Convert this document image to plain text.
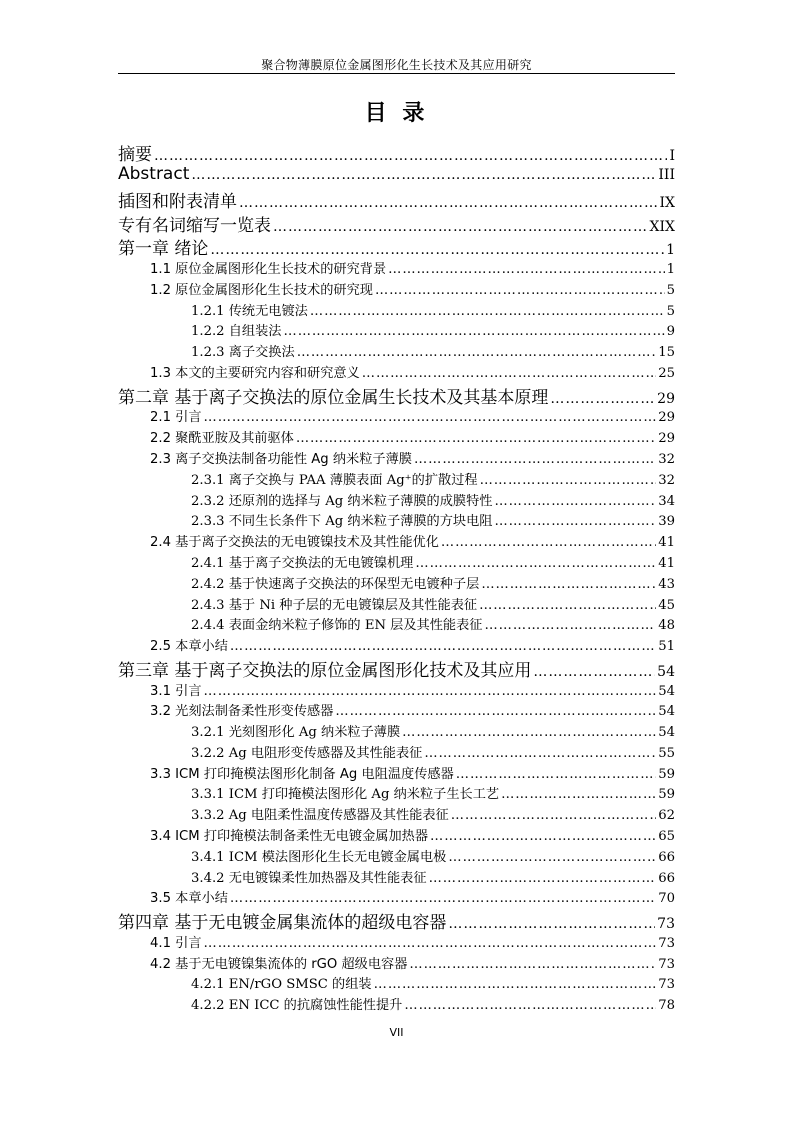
聚合物薄膜原位金属图形化生长技术及其应用研究
目 录
摘要 ……………………………………………………………………………………………………………………………………………………………………………	I
Abstract ……………………………………………………………………………………………………………………………………………………………………………	III
插图和附表清单 ……………………………………………………………………………………………………………………………………………………………………………	IX
专有名词缩写一览表 ……………………………………………………………………………………………………………………………………………………………………………	XIX
第一章 绪论 ……………………………………………………………………………………………………………………………………………………………………………	1
1.1 原位金属图形化生长技术的研究背景 ……………………………………………………………………………………………………………………………………………………………………………	1
1.2 原位金属图形化生长技术的研究现 ……………………………………………………………………………………………………………………………………………………………………………	5
1.2.1 传统无电镀法 ……………………………………………………………………………………………………………………………………………………………………………	5
1.2.2 自组装法 ……………………………………………………………………………………………………………………………………………………………………………	9
1.2.3 离子交换法 ……………………………………………………………………………………………………………………………………………………………………………	15
1.3 本文的主要研究内容和研究意义 ……………………………………………………………………………………………………………………………………………………………………………	25
第二章 基于离子交换法的原位金属生长技术及其基本原理 ……………………………………………………………………………………………………………………………………………………………………………	29
2.1 引言 ……………………………………………………………………………………………………………………………………………………………………………	29
2.2 聚酰亚胺及其前驱体 ……………………………………………………………………………………………………………………………………………………………………………	29
2.3 离子交换法制备功能性 Ag 纳米粒子薄膜 ……………………………………………………………………………………………………………………………………………………………………………	32
2.3.1 离子交换与 PAA 薄膜表面 Ag⁺的扩散过程 ……………………………………………………………………………………………………………………………………………………………………………	32
2.3.2 还原剂的选择与 Ag 纳米粒子薄膜的成膜特性 ……………………………………………………………………………………………………………………………………………………………………………	34
2.3.3 不同生长条件下 Ag 纳米粒子薄膜的方块电阻 ……………………………………………………………………………………………………………………………………………………………………………	39
2.4 基于离子交换法的无电镀镍技术及其性能优化 ……………………………………………………………………………………………………………………………………………………………………………	41
2.4.1 基于离子交换法的无电镀镍机理 ……………………………………………………………………………………………………………………………………………………………………………	41
2.4.2 基于快速离子交换法的环保型无电镀种子层 ……………………………………………………………………………………………………………………………………………………………………………	43
2.4.3 基于 Ni 种子层的无电镀镍层及其性能表征 ……………………………………………………………………………………………………………………………………………………………………………	45
2.4.4 表面金纳米粒子修饰的 EN 层及其性能表征 ……………………………………………………………………………………………………………………………………………………………………………	48
2.5 本章小结 ……………………………………………………………………………………………………………………………………………………………………………	51
第三章 基于离子交换法的原位金属图形化技术及其应用 ……………………………………………………………………………………………………………………………………………………………………………	54
3.1 引言 ……………………………………………………………………………………………………………………………………………………………………………	54
3.2 光刻法制备柔性形变传感器 ……………………………………………………………………………………………………………………………………………………………………………	54
3.2.1 光刻图形化 Ag 纳米粒子薄膜 ……………………………………………………………………………………………………………………………………………………………………………	54
3.2.2 Ag 电阻形变传感器及其性能表征 ……………………………………………………………………………………………………………………………………………………………………………	55
3.3 ICM 打印掩模法图形化制备 Ag 电阻温度传感器 ……………………………………………………………………………………………………………………………………………………………………………	59
3.3.1 ICM 打印掩模法图形化 Ag 纳米粒子生长工艺 ……………………………………………………………………………………………………………………………………………………………………………	59
3.3.2 Ag 电阻柔性温度传感器及其性能表征 ……………………………………………………………………………………………………………………………………………………………………………	62
3.4 ICM 打印掩模法制备柔性无电镀金属加热器 ……………………………………………………………………………………………………………………………………………………………………………	65
3.4.1 ICM 模法图形化生长无电镀金属电极 ……………………………………………………………………………………………………………………………………………………………………………	66
3.4.2 无电镀镍柔性加热器及其性能表征 ……………………………………………………………………………………………………………………………………………………………………………	66
3.5 本章小结 ……………………………………………………………………………………………………………………………………………………………………………	70
第四章 基于无电镀金属集流体的超级电容器 ……………………………………………………………………………………………………………………………………………………………………………	73
4.1 引言 ……………………………………………………………………………………………………………………………………………………………………………	73
4.2 基于无电镀镍集流体的 rGO 超级电容器 ……………………………………………………………………………………………………………………………………………………………………………	73
4.2.1 EN/rGO SMSC 的组装 ……………………………………………………………………………………………………………………………………………………………………………	73
4.2.2 EN ICC 的抗腐蚀性能性提升 ……………………………………………………………………………………………………………………………………………………………………………	78
VII
